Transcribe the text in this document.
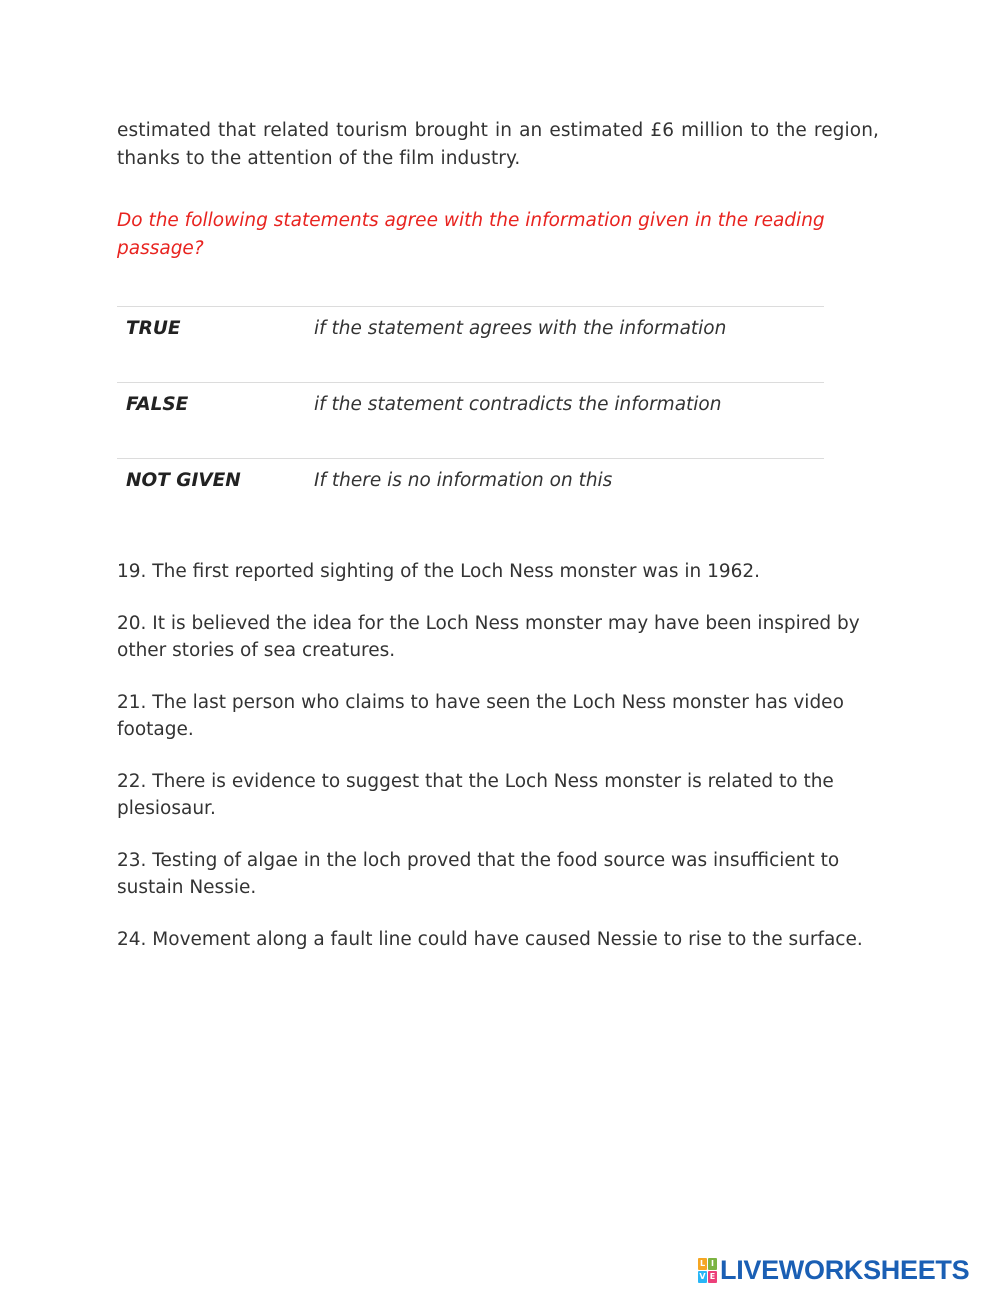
estimated that related tourism brought in an estimated £6 million to the region, thanks to the attention of the film industry.

Do the following statements agree with the information given in the reading passage?

TRUE	if the statement agrees with the information
FALSE	if the statement contradicts the information
NOT GIVEN	If there is no information on this
19. The first reported sighting of the Loch Ness monster was in 1962.
20. It is believed the idea for the Loch Ness monster may have been inspired by other stories of sea creatures.
21. The last person who claims to have seen the Loch Ness monster has video footage.
22. There is evidence to suggest that the Loch Ness monster is related to the plesiosaur.
23. Testing of algae in the loch proved that the food source was insufficient to sustain Nessie.
24. Movement along a fault line could have caused Nessie to rise to the surface.
L I
V E LIVEWORKSHEETS
